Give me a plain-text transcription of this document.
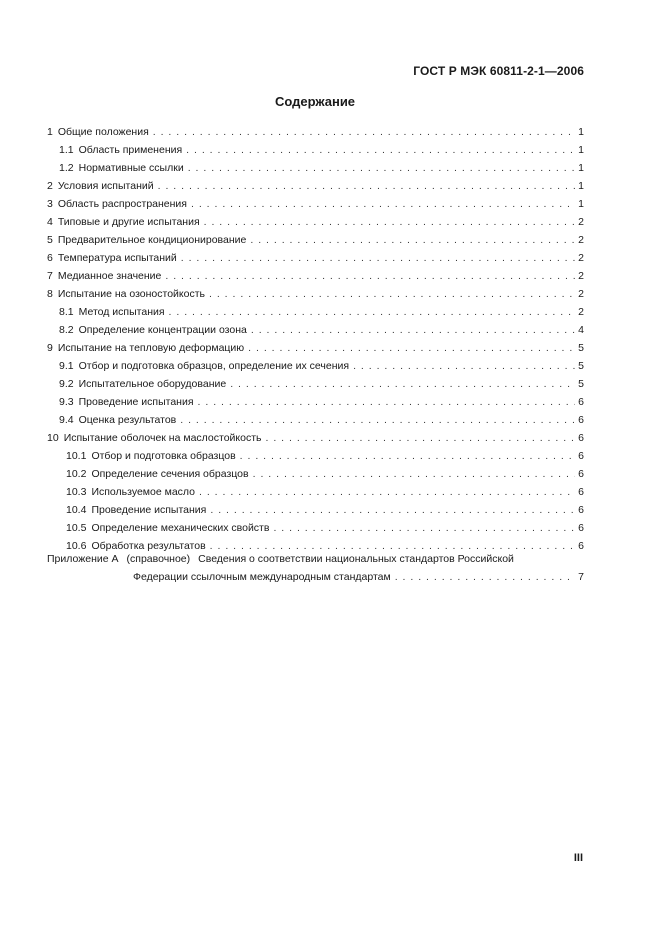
ГОСТ Р МЭК 60811-2-1—2006
Содержание
1 Общие положения . . .	1
1.1 Область применения . . .	1
1.2 Нормативные ссылки . . .	1
2 Условия испытаний . . .	1
3 Область распространения . . .	1
4 Типовые и другие испытания . . .	2
5 Предварительное кондиционирование . . .	2
6 Температура испытаний . . .	2
7 Медианное значение . . .	2
8 Испытание на озоностойкость . . .	2
8.1 Метод испытания . . .	2
8.2 Определение концентрации озона . . .	4
9 Испытание на тепловую деформацию . . .	5
9.1 Отбор и подготовка образцов, определение их сечения . . .	5
9.2 Испытательное оборудование . . .	5
9.3 Проведение испытания . . .	6
9.4 Оценка результатов . . .	6
10 Испытание оболочек на маслостойкость . . .	6
10.1 Отбор и подготовка образцов . . .	6
10.2 Определение сечения образцов . . .	6
10.3 Используемое масло . . .	6
10.4 Проведение испытания . . .	6
10.5 Определение механических свойств . . .	6
10.6 Обработка результатов . . .	6
Приложение А (справочное) Сведения о соответствии национальных стандартов Российской
Федерации ссылочным международным стандартам . . .	7
III
